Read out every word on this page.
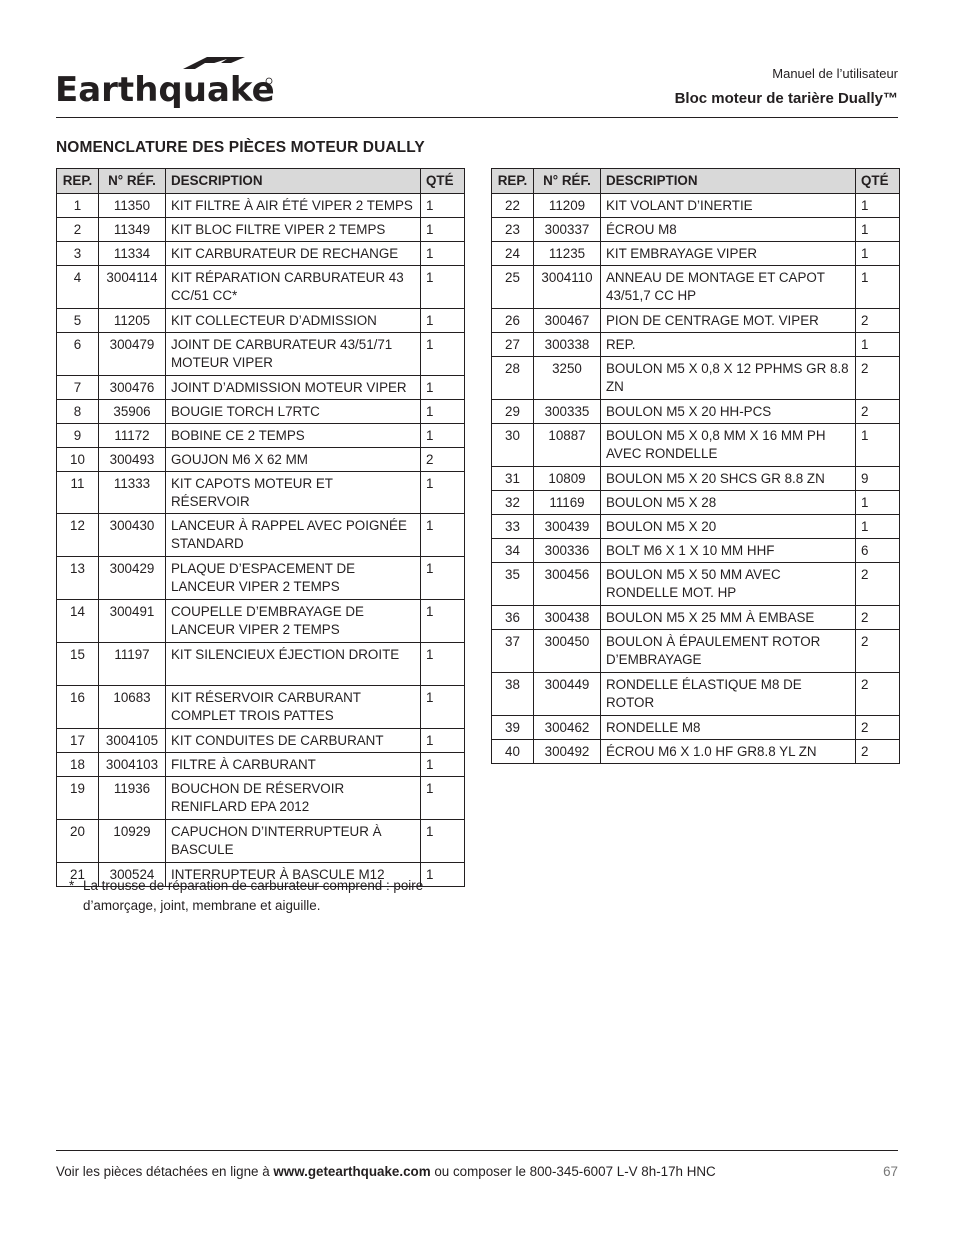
Earthquake	Manuel de l’utilisateur
Bloc moteur de tarière Dually™
NOMENCLATURE DES PIÈCES MOTEUR DUALLY
REP.	N° RÉF.	DESCRIPTION	QTÉ
1	11350	KIT FILTRE À AIR ÉTÉ VIPER 2 TEMPS	1
2	11349	KIT BLOC FILTRE VIPER 2 TEMPS	1
3	11334	KIT CARBURATEUR DE RECHANGE	1
4	3004114	KIT RÉPARATION CARBURATEUR 43 CC/51 CC*	1
5	11205	KIT COLLECTEUR D’ADMISSION	1
6	300479	JOINT DE CARBURATEUR 43/51/71 MOTEUR VIPER	1
7	300476	JOINT D’ADMISSION MOTEUR VIPER	1
8	35906	BOUGIE TORCH L7RTC	1
9	11172	BOBINE CE 2 TEMPS	1
10	300493	GOUJON M6 X 62 MM	2
11	11333	KIT CAPOTS MOTEUR ET RÉSERVOIR	1
12	300430	LANCEUR À RAPPEL AVEC POIGNÉE STANDARD	1
13	300429	PLAQUE D’ESPACEMENT DE LANCEUR VIPER 2 TEMPS	1
14	300491	COUPELLE D’EMBRAYAGE DE LANCEUR VIPER 2 TEMPS	1
15	11197	KIT SILENCIEUX ÉJECTION DROITE	1
16	10683	KIT RÉSERVOIR CARBURANT COMPLET TROIS PATTES	1
17	3004105	KIT CONDUITES DE CARBURANT	1
18	3004103	FILTRE À CARBURANT	1
19	11936	BOUCHON DE RÉSERVOIR RENIFLARD EPA 2012	1
20	10929	CAPUCHON D’INTERRUPTEUR À BASCULE	1
21	300524	INTERRUPTEUR À BASCULE M12	1
REP.	N° RÉF.	DESCRIPTION	QTÉ
22	11209	KIT VOLANT D’INERTIE	1
23	300337	ÉCROU M8	1
24	11235	KIT EMBRAYAGE VIPER	1
25	3004110	ANNEAU DE MONTAGE ET CAPOT 43/51,7 CC HP	1
26	300467	PION DE CENTRAGE MOT. VIPER	2
27	300338	REP.	1
28	3250	BOULON M5 X 0,8 X 12 PPHMS GR 8.8 ZN	2
29	300335	BOULON M5 X 20 HH-PCS	2
30	10887	BOULON M5 X 0,8 MM X 16 MM PH AVEC RONDELLE	1
31	10809	BOULON M5 X 20 SHCS GR 8.8 ZN	9
32	11169	BOULON M5 X 28	1
33	300439	BOULON M5 X 20	1
34	300336	BOLT M6 X 1 X 10 MM HHF	6
35	300456	BOULON M5 X 50 MM AVEC RONDELLE MOT. HP	2
36	300438	BOULON M5 X 25 MM À EMBASE	2
37	300450	BOULON À ÉPAULEMENT ROTOR D’EMBRAYAGE	2
38	300449	RONDELLE ÉLASTIQUE M8 DE ROTOR	2
39	300462	RONDELLE M8	2
40	300492	ÉCROU M6 X 1.0 HF GR8.8 YL ZN	2
* La trousse de réparation de carburateur comprend : poire d’amorçage, joint, membrane et aiguille.
Voir les pièces détachées en ligne à www.getearthquake.com ou composer le 800-345-6007 L-V 8h-17h HNC	67
